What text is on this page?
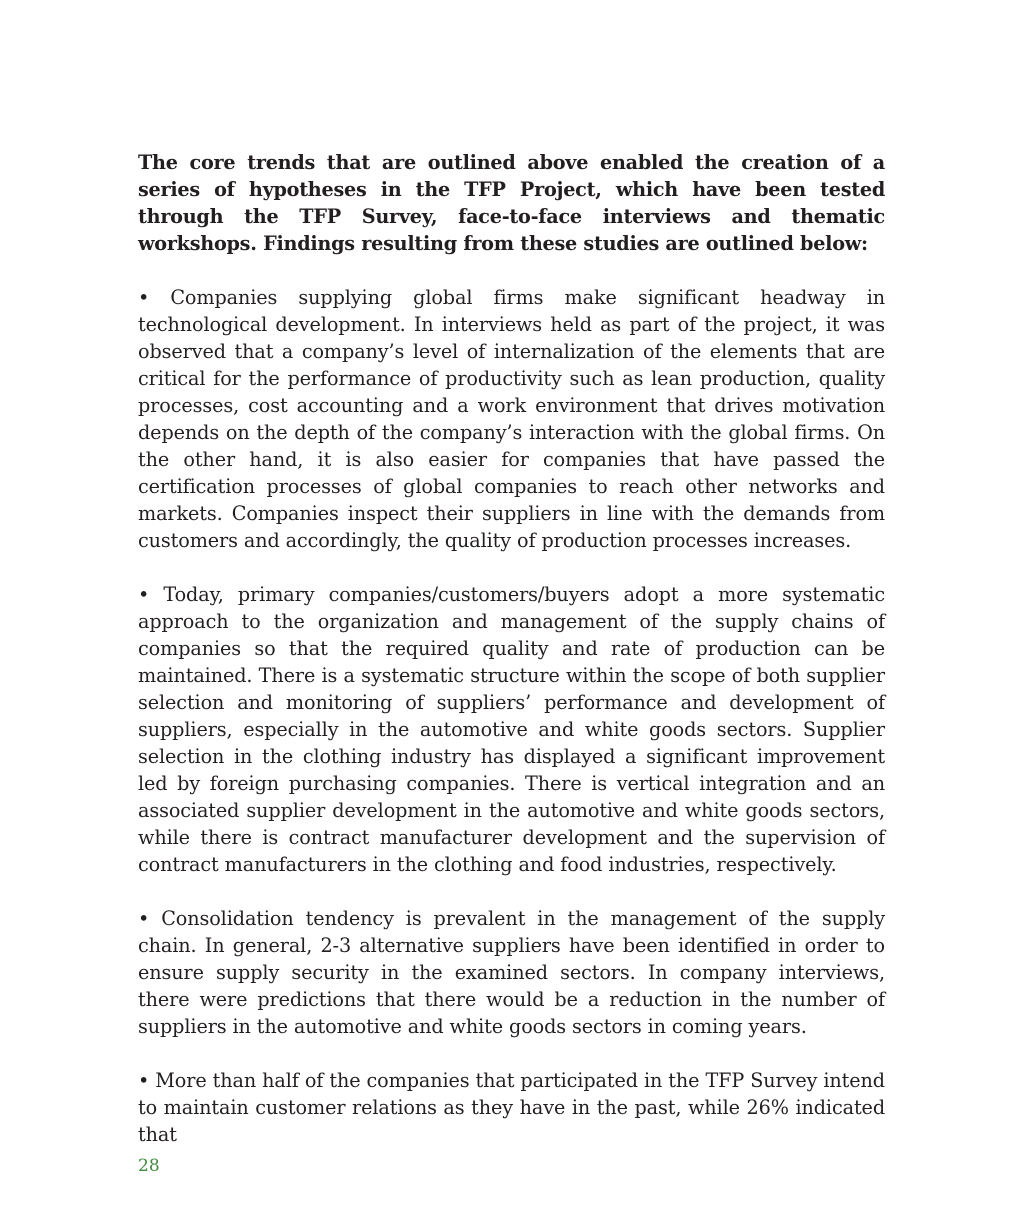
The core trends that are outlined above enabled the creation of a series of hypotheses in the TFP Project, which have been tested through the TFP Survey, face-to-face interviews and thematic workshops. Findings resulting from these studies are outlined below:

• Companies supplying global firms make significant headway in technological development. In interviews held as part of the project, it was observed that a company’s level of internalization of the elements that are critical for the performance of productivity such as lean production, quality processes, cost accounting and a work environment that drives motivation depends on the depth of the company’s interaction with the global firms. On the other hand, it is also easier for companies that have passed the certification processes of global companies to reach other networks and markets. Companies inspect their suppliers in line with the demands from customers and accordingly, the quality of production processes increases.

• Today, primary companies/customers/buyers adopt a more systematic approach to the organization and management of the supply chains of companies so that the required quality and rate of production can be maintained. There is a systematic structure within the scope of both supplier selection and monitoring of suppliers’ performance and development of suppliers, especially in the automotive and white goods sectors. Supplier selection in the clothing industry has displayed a significant improvement led by foreign purchasing companies. There is vertical integration and an associated supplier development in the automotive and white goods sectors, while there is contract manufacturer development and the supervision of contract manufacturers in the clothing and food industries, respectively.

• Consolidation tendency is prevalent in the management of the supply chain. In general, 2-3 alternative suppliers have been identified in order to ensure supply security in the examined sectors. In company interviews, there were predictions that there would be a reduction in the number of suppliers in the automotive and white goods sectors in coming years.

• More than half of the companies that participated in the TFP Survey intend to maintain customer relations as they have in the past, while 26% indicated that

28
